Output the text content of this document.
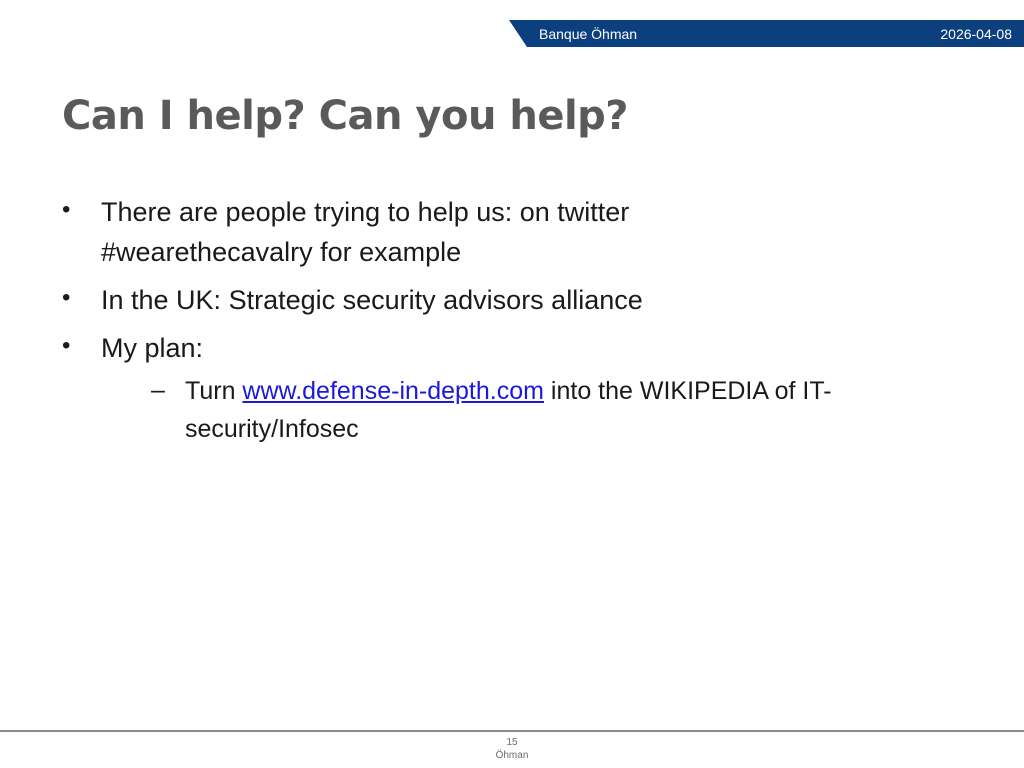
Banque Öhman	2026-04-08
Can I help? Can you help?
• There are people trying to help us: on twitter
#wearethecavalry for example
• In the UK: Strategic security advisors alliance
• My plan:
– Turn www.defense-in-depth.com into the WIKIPEDIA of IT-
security/Infosec
15
Öhman
